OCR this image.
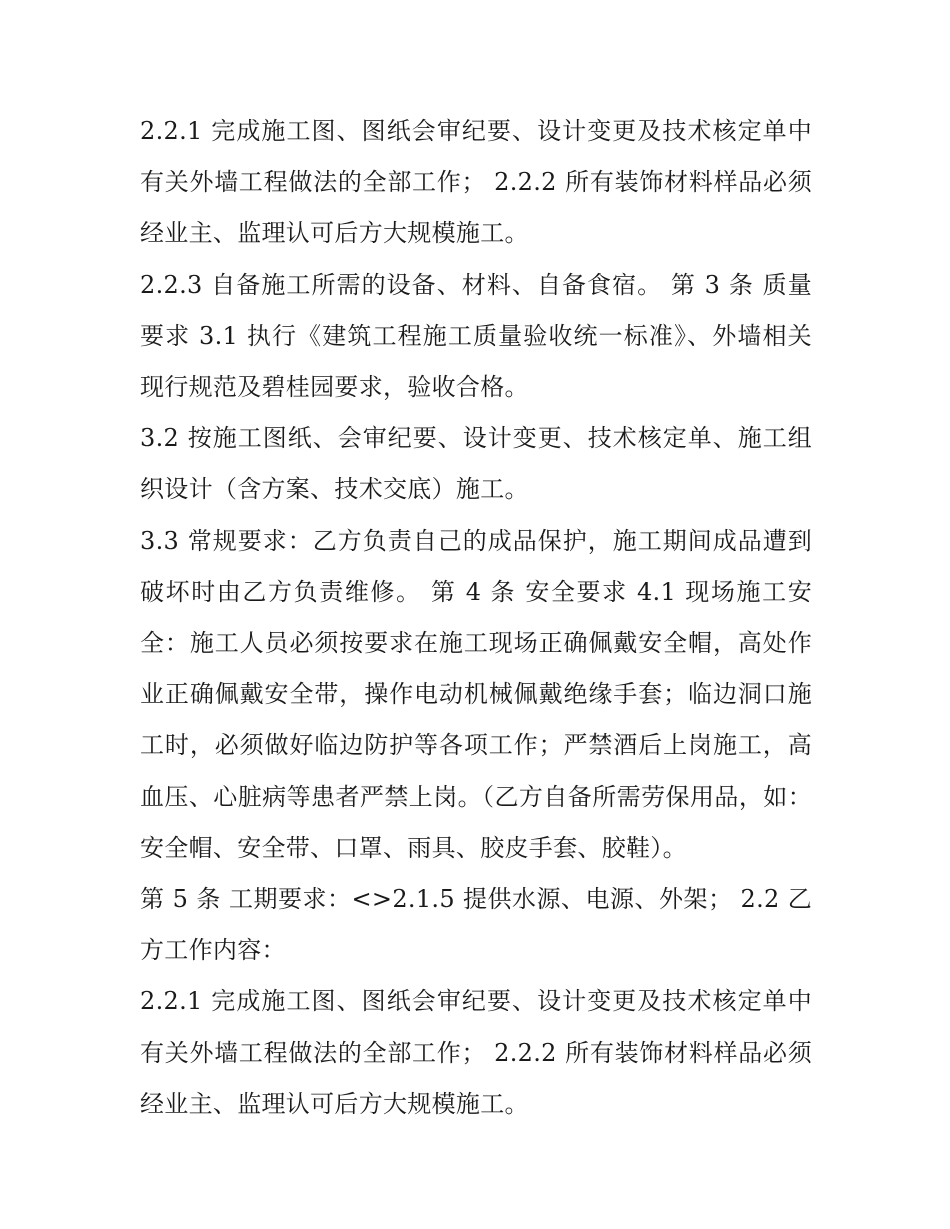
2.2.1 完成施工图、图纸会审纪要、设计变更及技术核定单中有关外墙工程做法的全部工作； 2.2.2 所有装饰材料样品必须经业主、监理认可后方大规模施工。

2.2.3 自备施工所需的设备、材料、自备食宿。 第 3 条 质量要求 3.1 执行《建筑工程施工质量验收统一标准》、外墙相关现行规范及碧桂园要求，验收合格。

3.2 按施工图纸、会审纪要、设计变更、技术核定单、施工组织设计（含方案、技术交底）施工。

3.3 常规要求：乙方负责自己的成品保护，施工期间成品遭到破坏时由乙方负责维修。 第 4 条 安全要求 4.1 现场施工安全：施工人员必须按要求在施工现场正确佩戴安全帽，高处作业正确佩戴安全带，操作电动机械佩戴绝缘手套；临边洞口施工时，必须做好临边防护等各项工作；严禁酒后上岗施工，高血压、心脏病等患者严禁上岗。（乙方自备所需劳保用品，如：安全帽、安全带、口罩、雨具、胶皮手套、胶鞋）。

第 5 条 工期要求：<>2.1.5 提供水源、电源、外架； 2.2 乙方工作内容：

2.2.1 完成施工图、图纸会审纪要、设计变更及技术核定单中有关外墙工程做法的全部工作； 2.2.2 所有装饰材料样品必须经业主、监理认可后方大规模施工。
